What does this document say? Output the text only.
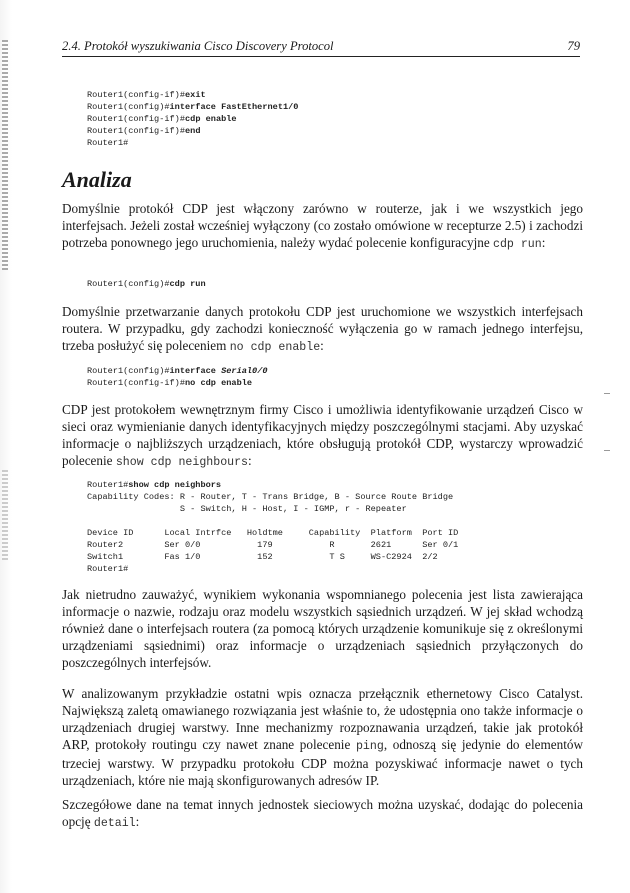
2.4. Protokół wyszukiwania Cisco Discovery Protocol	79
Router1(config-if)#exit
Router1(config)#interface FastEthernet1/0
Router1(config-if)#cdp enable
Router1(config-if)#end
Router1#
Analiza
Domyślnie protokół CDP jest włączony zarówno w routerze, jak i we wszystkich jego interfejsach. Jeżeli został wcześniej wyłączony (co zostało omówione w recepturze 2.5) i zachodzi potrzeba ponownego jego uruchomienia, należy wydać polecenie konfiguracyjne cdp run:
Router1(config)#cdp run
Domyślnie przetwarzanie danych protokołu CDP jest uruchomione we wszystkich interfejsach routera. W przypadku, gdy zachodzi konieczność wyłączenia go w ramach jednego interfejsu, trzeba posłużyć się poleceniem no cdp enable:
Router1(config)#interface Serial0/0
Router1(config-if)#no cdp enable
CDP jest protokołem wewnętrznym firmy Cisco i umożliwia identyfikowanie urządzeń Cisco w sieci oraz wymienianie danych identyfikacyjnych między poszczególnymi stacjami. Aby uzyskać informacje o najbliższych urządzeniach, które obsługują protokół CDP, wystarczy wprowadzić polecenie show cdp neighbours:
Router1#show cdp neighbors
Capability Codes: R - Router, T - Trans Bridge, B - Source Route Bridge
S - Switch, H - Host, I - IGMP, r - Repeater

Device ID      Local Intrfce   Holdtme     Capability  Platform  Port ID
Router2        Ser 0/0           179           R       2621      Ser 0/1
Switch1        Fas 1/0           152           T S     WS-C2924  2/2
Router1#
Jak nietrudno zauważyć, wynikiem wykonania wspomnianego polecenia jest lista zawierająca informacje o nazwie, rodzaju oraz modelu wszystkich sąsiednich urządzeń. W jej skład wchodzą również dane o interfejsach routera (za pomocą których urządzenie komunikuje się z określonymi urządzeniami sąsiednimi) oraz informacje o urządzeniach sąsiednich przyłączonych do poszczególnych interfejsów.
W analizowanym przykładzie ostatni wpis oznacza przełącznik ethernetowy Cisco Catalyst. Największą zaletą omawianego rozwiązania jest właśnie to, że udostępnia ono także informacje o urządzeniach drugiej warstwy. Inne mechanizmy rozpoznawania urządzeń, takie jak protokół ARP, protokoły routingu czy nawet znane polecenie ping, odnoszą się jedynie do elementów trzeciej warstwy. W przypadku protokołu CDP można pozyskiwać informacje nawet o tych urządzeniach, które nie mają skonfigurowanych adresów IP.
Szczegółowe dane na temat innych jednostek sieciowych można uzyskać, dodając do polecenia opcję detail:
